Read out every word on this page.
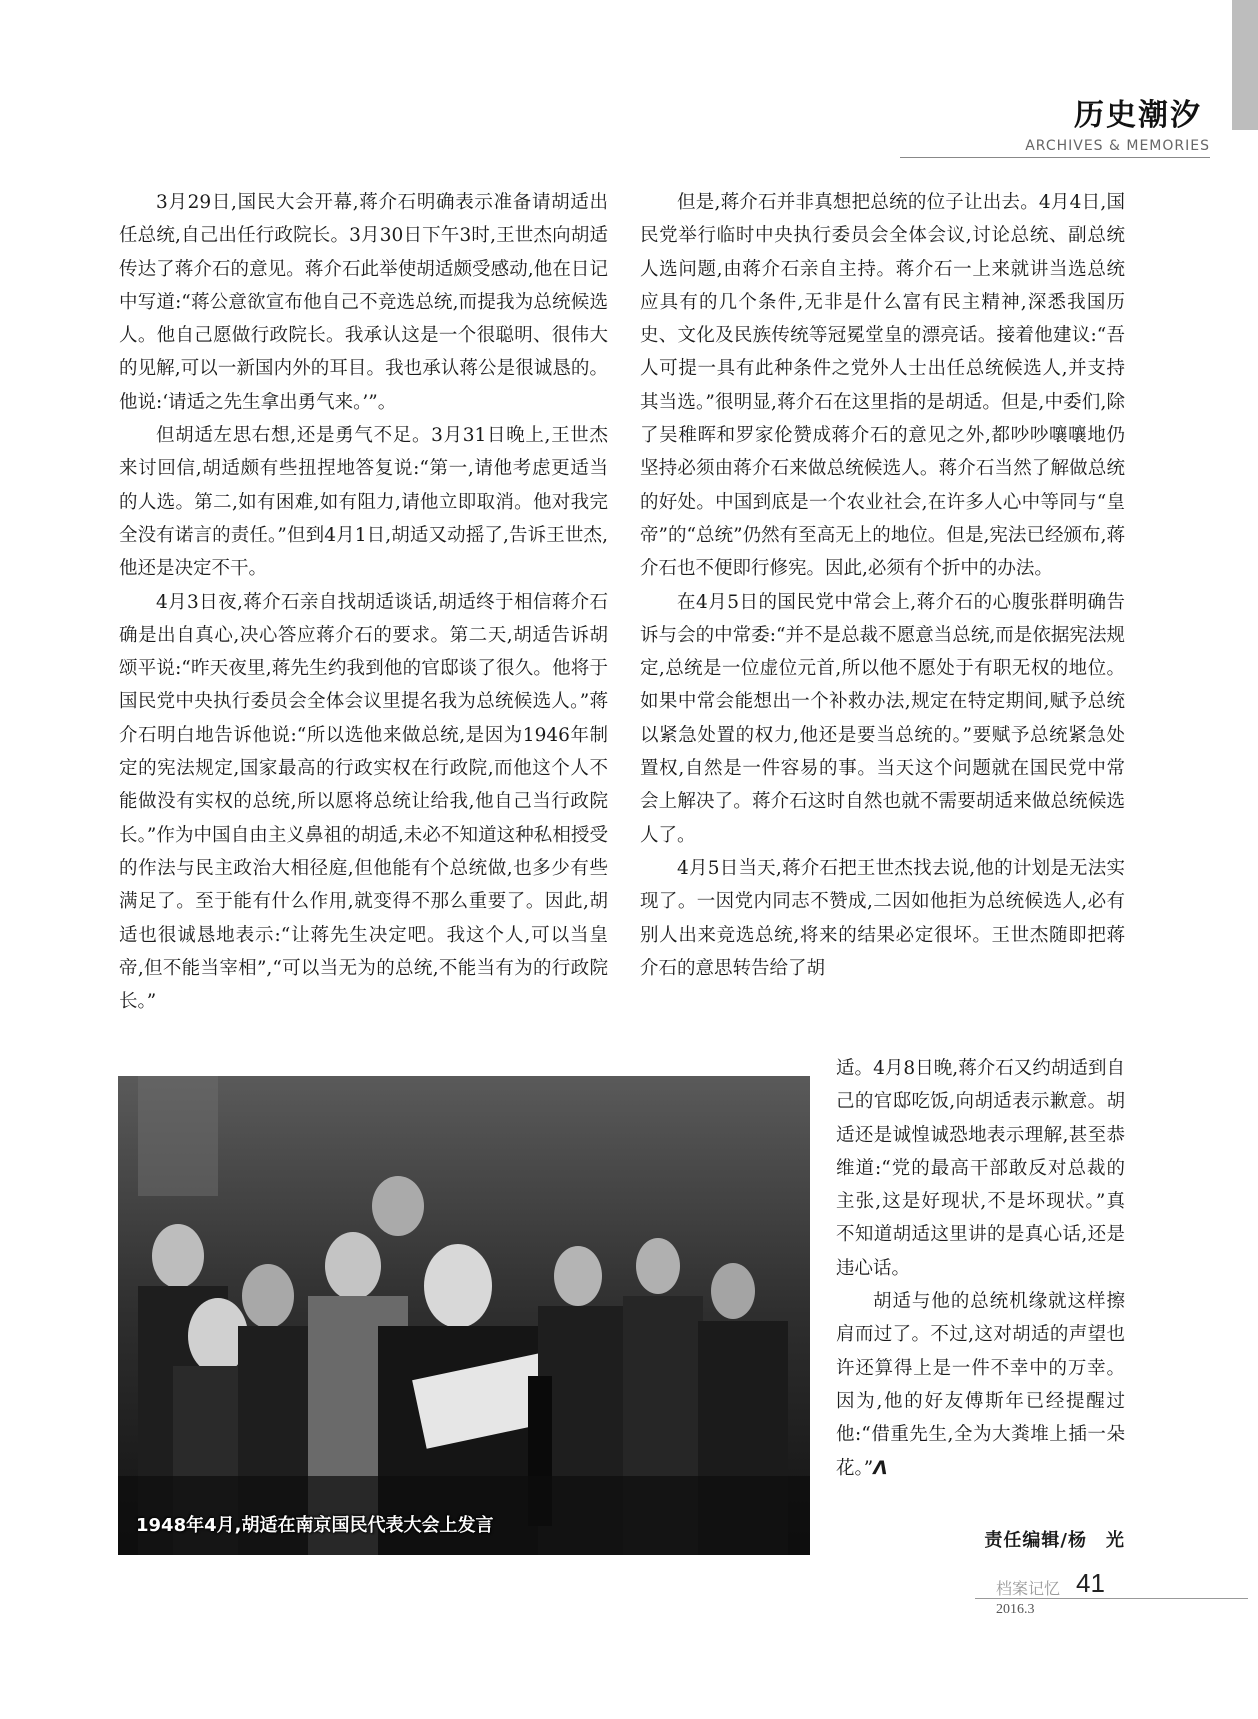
历史潮汐
ARCHIVES & MEMORIES

3月29日,国民大会开幕,蒋介石明确表示准备请胡适出任总统,自己出任行政院长。3月30日下午3时,王世杰向胡适传达了蒋介石的意见。蒋介石此举使胡适颇受感动,他在日记中写道:“蒋公意欲宣布他自己不竞选总统,而提我为总统候选人。他自己愿做行政院长。我承认这是一个很聪明、很伟大的见解,可以一新国内外的耳目。我也承认蒋公是很诚恳的。他说:‘请适之先生拿出勇气来。’”。

但胡适左思右想,还是勇气不足。3月31日晚上,王世杰来讨回信,胡适颇有些扭捏地答复说:“第一,请他考虑更适当的人选。第二,如有困难,如有阻力,请他立即取消。他对我完全没有诺言的责任。”但到4月1日,胡适又动摇了,告诉王世杰,他还是决定不干。

4月3日夜,蒋介石亲自找胡适谈话,胡适终于相信蒋介石确是出自真心,决心答应蒋介石的要求。第二天,胡适告诉胡颂平说:“昨天夜里,蒋先生约我到他的官邸谈了很久。他将于国民党中央执行委员会全体会议里提名我为总统候选人。”蒋介石明白地告诉他说:“所以选他来做总统,是因为1946年制定的宪法规定,国家最高的行政实权在行政院,而他这个人不能做没有实权的总统,所以愿将总统让给我,他自己当行政院长。”作为中国自由主义鼻祖的胡适,未必不知道这种私相授受的作法与民主政治大相径庭,但他能有个总统做,也多少有些满足了。至于能有什么作用,就变得不那么重要了。因此,胡适也很诚恳地表示:“让蒋先生决定吧。我这个人,可以当皇帝,但不能当宰相”,“可以当无为的总统,不能当有为的行政院长。”

但是,蒋介石并非真想把总统的位子让出去。4月4日,国民党举行临时中央执行委员会全体会议,讨论总统、副总统人选问题,由蒋介石亲自主持。蒋介石一上来就讲当选总统应具有的几个条件,无非是什么富有民主精神,深悉我国历史、文化及民族传统等冠冕堂皇的漂亮话。接着他建议:“吾人可提一具有此种条件之党外人士出任总统候选人,并支持其当选。”很明显,蒋介石在这里指的是胡适。但是,中委们,除了吴稚晖和罗家伦赞成蒋介石的意见之外,都吵吵嚷嚷地仍坚持必须由蒋介石来做总统候选人。蒋介石当然了解做总统的好处。中国到底是一个农业社会,在许多人心中等同与“皇帝”的“总统”仍然有至高无上的地位。但是,宪法已经颁布,蒋介石也不便即行修宪。因此,必须有个折中的办法。

在4月5日的国民党中常会上,蒋介石的心腹张群明确告诉与会的中常委:“并不是总裁不愿意当总统,而是依据宪法规定,总统是一位虚位元首,所以他不愿处于有职无权的地位。如果中常会能想出一个补救办法,规定在特定期间,赋予总统以紧急处置的权力,他还是要当总统的。”要赋予总统紧急处置权,自然是一件容易的事。当天这个问题就在国民党中常会上解决了。蒋介石这时自然也就不需要胡适来做总统候选人了。

4月5日当天,蒋介石把王世杰找去说,他的计划是无法实现了。一因党内同志不赞成,二因如他拒为总统候选人,必有别人出来竞选总统,将来的结果必定很坏。王世杰随即把蒋介石的意思转告给了胡

适。4月8日晚,蒋介石又约胡适到自己的官邸吃饭,向胡适表示歉意。胡适还是诚惶诚恐地表示理解,甚至恭维道:“党的最高干部敢反对总裁的主张,这是好现状,不是坏现状。”真不知道胡适这里讲的是真心话,还是违心话。

胡适与他的总统机缘就这样擦肩而过了。不过,这对胡适的声望也许还算得上是一件不幸中的万幸。因为,他的好友傅斯年已经提醒过他:“借重先生,全为大粪堆上插一朵花。”Λ

1948年4月,胡适在南京国民代表大会上发言
责任编辑/杨　光
档案记忆 41
2016.3
